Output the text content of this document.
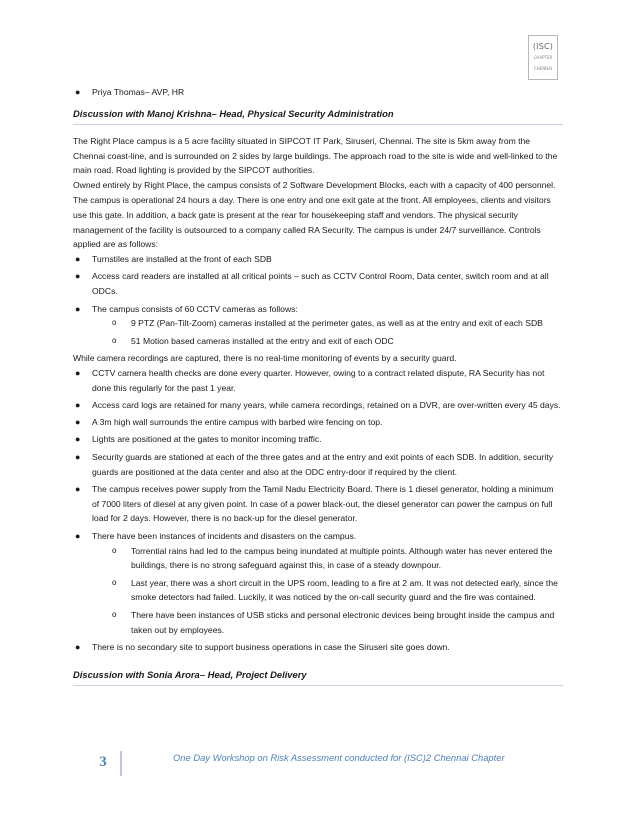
(ISC)
CHAPTER
CHENNAI
● Priya Thomas– AVP, HR
Discussion with Manoj Krishna– Head, Physical Security Administration

The Right Place campus is a 5 acre facility situated in SIPCOT IT Park, Siruseri, Chennai. The site is 5km away from the Chennai coast-line, and is surrounded on 2 sides by large buildings. The approach road to the site is wide and well-linked to the main road. Road lighting is provided by the SIPCOT authorities.

Owned entirely by Right Place, the campus consists of 2 Software Development Blocks, each with a capacity of 400 personnel. The campus is operational 24 hours a day. There is one entry and one exit gate at the front. All employees, clients and visitors use this gate. In addition, a back gate is present at the rear for housekeeping staff and vendors. The physical security management of the facility is outsourced to a company called RA Security. The campus is under 24/7 surveillance. Controls applied are as follows:

● Turnstiles are installed at the front of each SDB
● Access card readers are installed at all critical points – such as CCTV Control Room, Data center, switch room and at all ODCs.
● The campus consists of 60 CCTV cameras as follows:
o 9 PTZ (Pan-Tilt-Zoom) cameras installed at the perimeter gates, as well as at the entry and exit of each SDB
o 51 Motion based cameras installed at the entry and exit of each ODC

While camera recordings are captured, there is no real-time monitoring of events by a security guard.

● CCTV camera health checks are done every quarter. However, owing to a contract related dispute, RA Security has not done this regularly for the past 1 year.
● Access card logs are retained for many years, while camera recordings, retained on a DVR, are over-written every 45 days.
● A 3m high wall surrounds the entire campus with barbed wire fencing on top.
● Lights are positioned at the gates to monitor incoming traffic.
● Security guards are stationed at each of the three gates and at the entry and exit points of each SDB. In addition, security guards are positioned at the data center and also at the ODC entry-door if required by the client.
● The campus receives power supply from the Tamil Nadu Electricity Board. There is 1 diesel generator, holding a minimum of 7000 liters of diesel at any given point. In case of a power black-out, the diesel generator can power the campus on full load for 2 days. However, there is no back-up for the diesel generator.
● There have been instances of incidents and disasters on the campus.
o Torrential rains had led to the campus being inundated at multiple points. Although water has never entered the buildings, there is no strong safeguard against this, in case of a steady downpour.
o Last year, there was a short circuit in the UPS room, leading to a fire at 2 am. It was not detected early, since the smoke detectors had failed. Luckily, it was noticed by the on-call security guard and the fire was contained.
o There have been instances of USB sticks and personal electronic devices being brought inside the campus and taken out by employees.
● There is no secondary site to support business operations in case the Siruseri site goes down.
Discussion with Sonia Arora– Head, Project Delivery
3	One Day Workshop on Risk Assessment conducted for (ISC)2 Chennai Chapter
